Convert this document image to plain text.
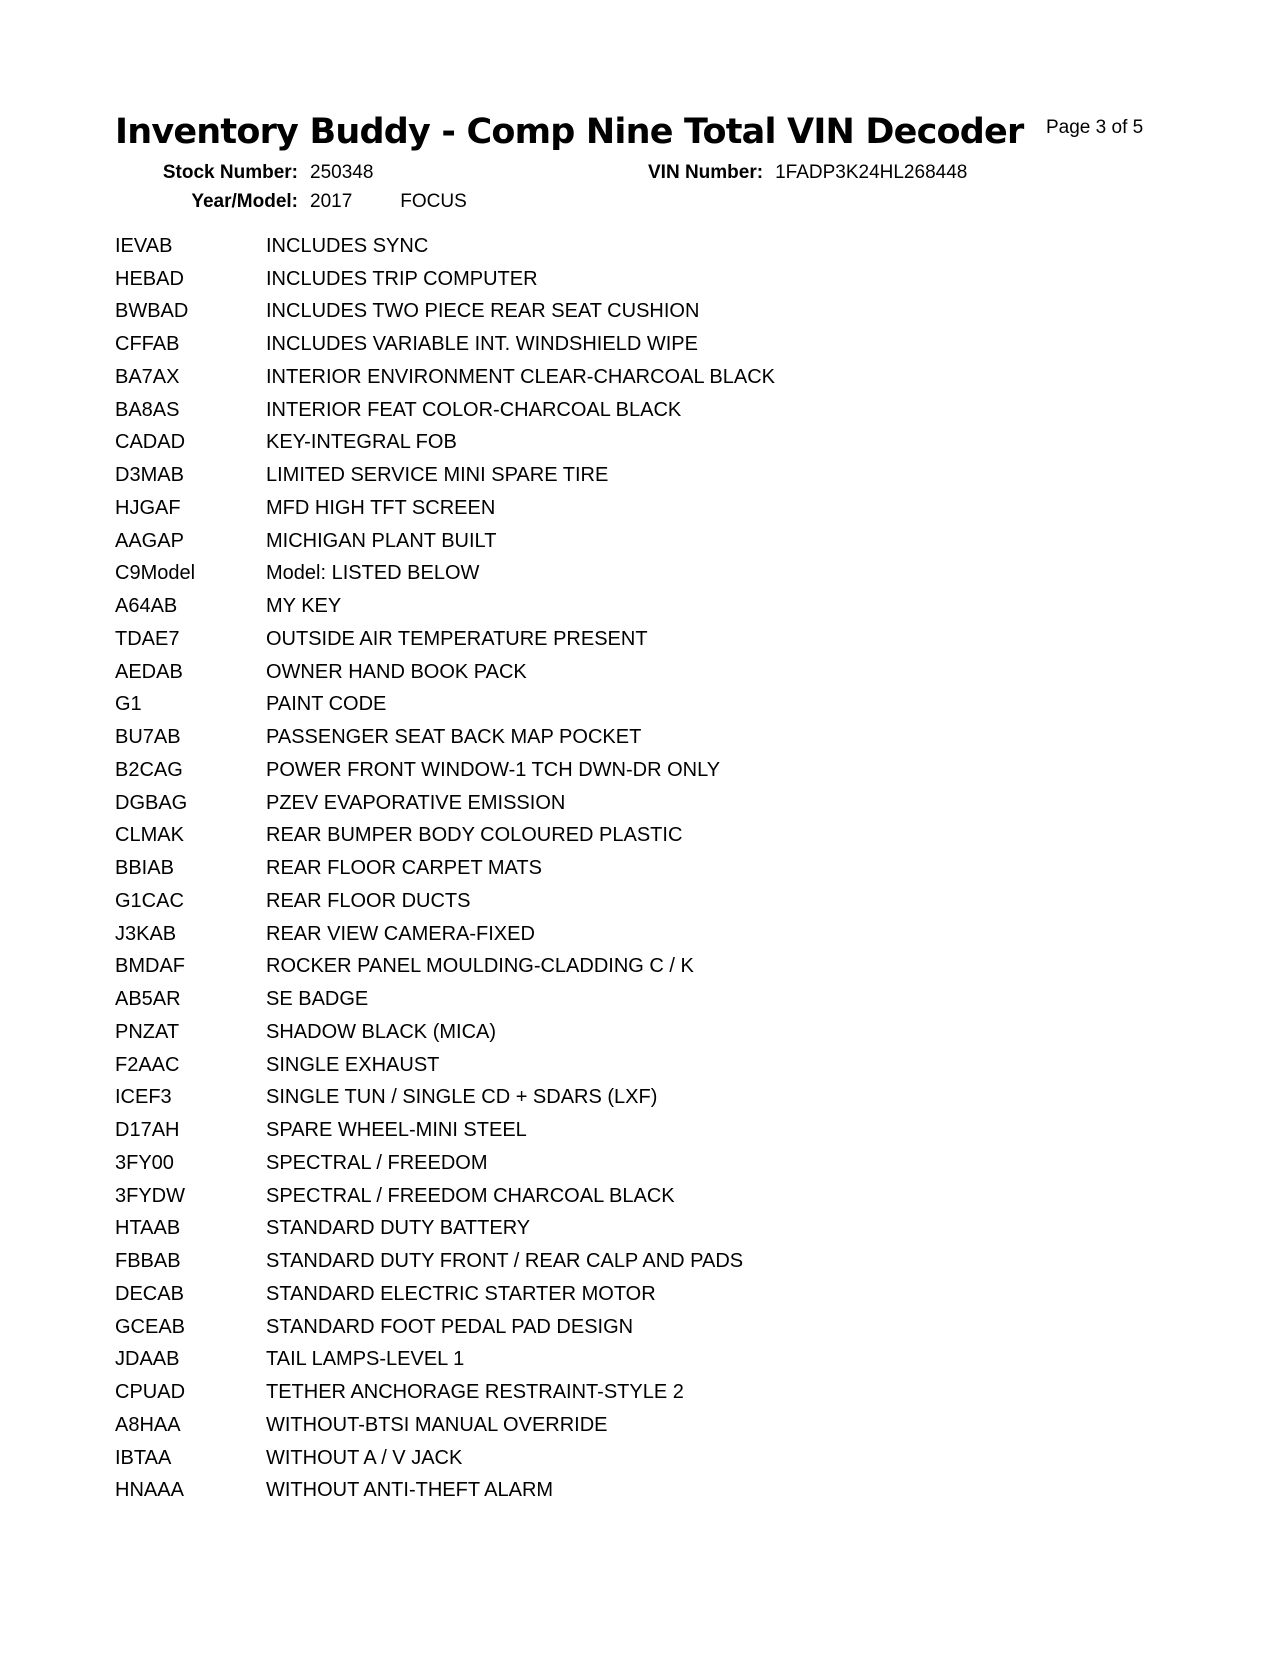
Inventory Buddy - Comp Nine Total VIN Decoder Page 3 of 5
Stock Number: 250348	VIN Number: 1FADP3K24HL268448
Year/Model: 2017	FOCUS
IEVAB	INCLUDES SYNC
HEBAD	INCLUDES TRIP COMPUTER
BWBAD	INCLUDES TWO PIECE REAR SEAT CUSHION
CFFAB	INCLUDES VARIABLE INT. WINDSHIELD WIPE
BA7AX	INTERIOR ENVIRONMENT CLEAR-CHARCOAL BLACK
BA8AS	INTERIOR FEAT COLOR-CHARCOAL BLACK
CADAD	KEY-INTEGRAL FOB
D3MAB	LIMITED SERVICE MINI SPARE TIRE
HJGAF	MFD HIGH TFT SCREEN
AAGAP	MICHIGAN PLANT BUILT
C9Model	Model: LISTED BELOW
A64AB	MY KEY
TDAE7	OUTSIDE AIR TEMPERATURE PRESENT
AEDAB	OWNER HAND BOOK PACK
G1	PAINT CODE
BU7AB	PASSENGER SEAT BACK MAP POCKET
B2CAG	POWER FRONT WINDOW-1 TCH DWN-DR ONLY
DGBAG	PZEV EVAPORATIVE EMISSION
CLMAK	REAR BUMPER BODY COLOURED PLASTIC
BBIAB	REAR FLOOR CARPET MATS
G1CAC	REAR FLOOR DUCTS
J3KAB	REAR VIEW CAMERA-FIXED
BMDAF	ROCKER PANEL MOULDING-CLADDING C / K
AB5AR	SE BADGE
PNZAT	SHADOW BLACK (MICA)
F2AAC	SINGLE EXHAUST
ICEF3	SINGLE TUN / SINGLE CD + SDARS (LXF)
D17AH	SPARE WHEEL-MINI STEEL
3FY00	SPECTRAL / FREEDOM
3FYDW	SPECTRAL / FREEDOM CHARCOAL BLACK
HTAAB	STANDARD DUTY BATTERY
FBBAB	STANDARD DUTY FRONT / REAR CALP AND PADS
DECAB	STANDARD ELECTRIC STARTER MOTOR
GCEAB	STANDARD FOOT PEDAL PAD DESIGN
JDAAB	TAIL LAMPS-LEVEL 1
CPUAD	TETHER ANCHORAGE RESTRAINT-STYLE 2
A8HAA	WITHOUT-BTSI MANUAL OVERRIDE
IBTAA	WITHOUT A / V JACK
HNAAA	WITHOUT ANTI-THEFT ALARM
